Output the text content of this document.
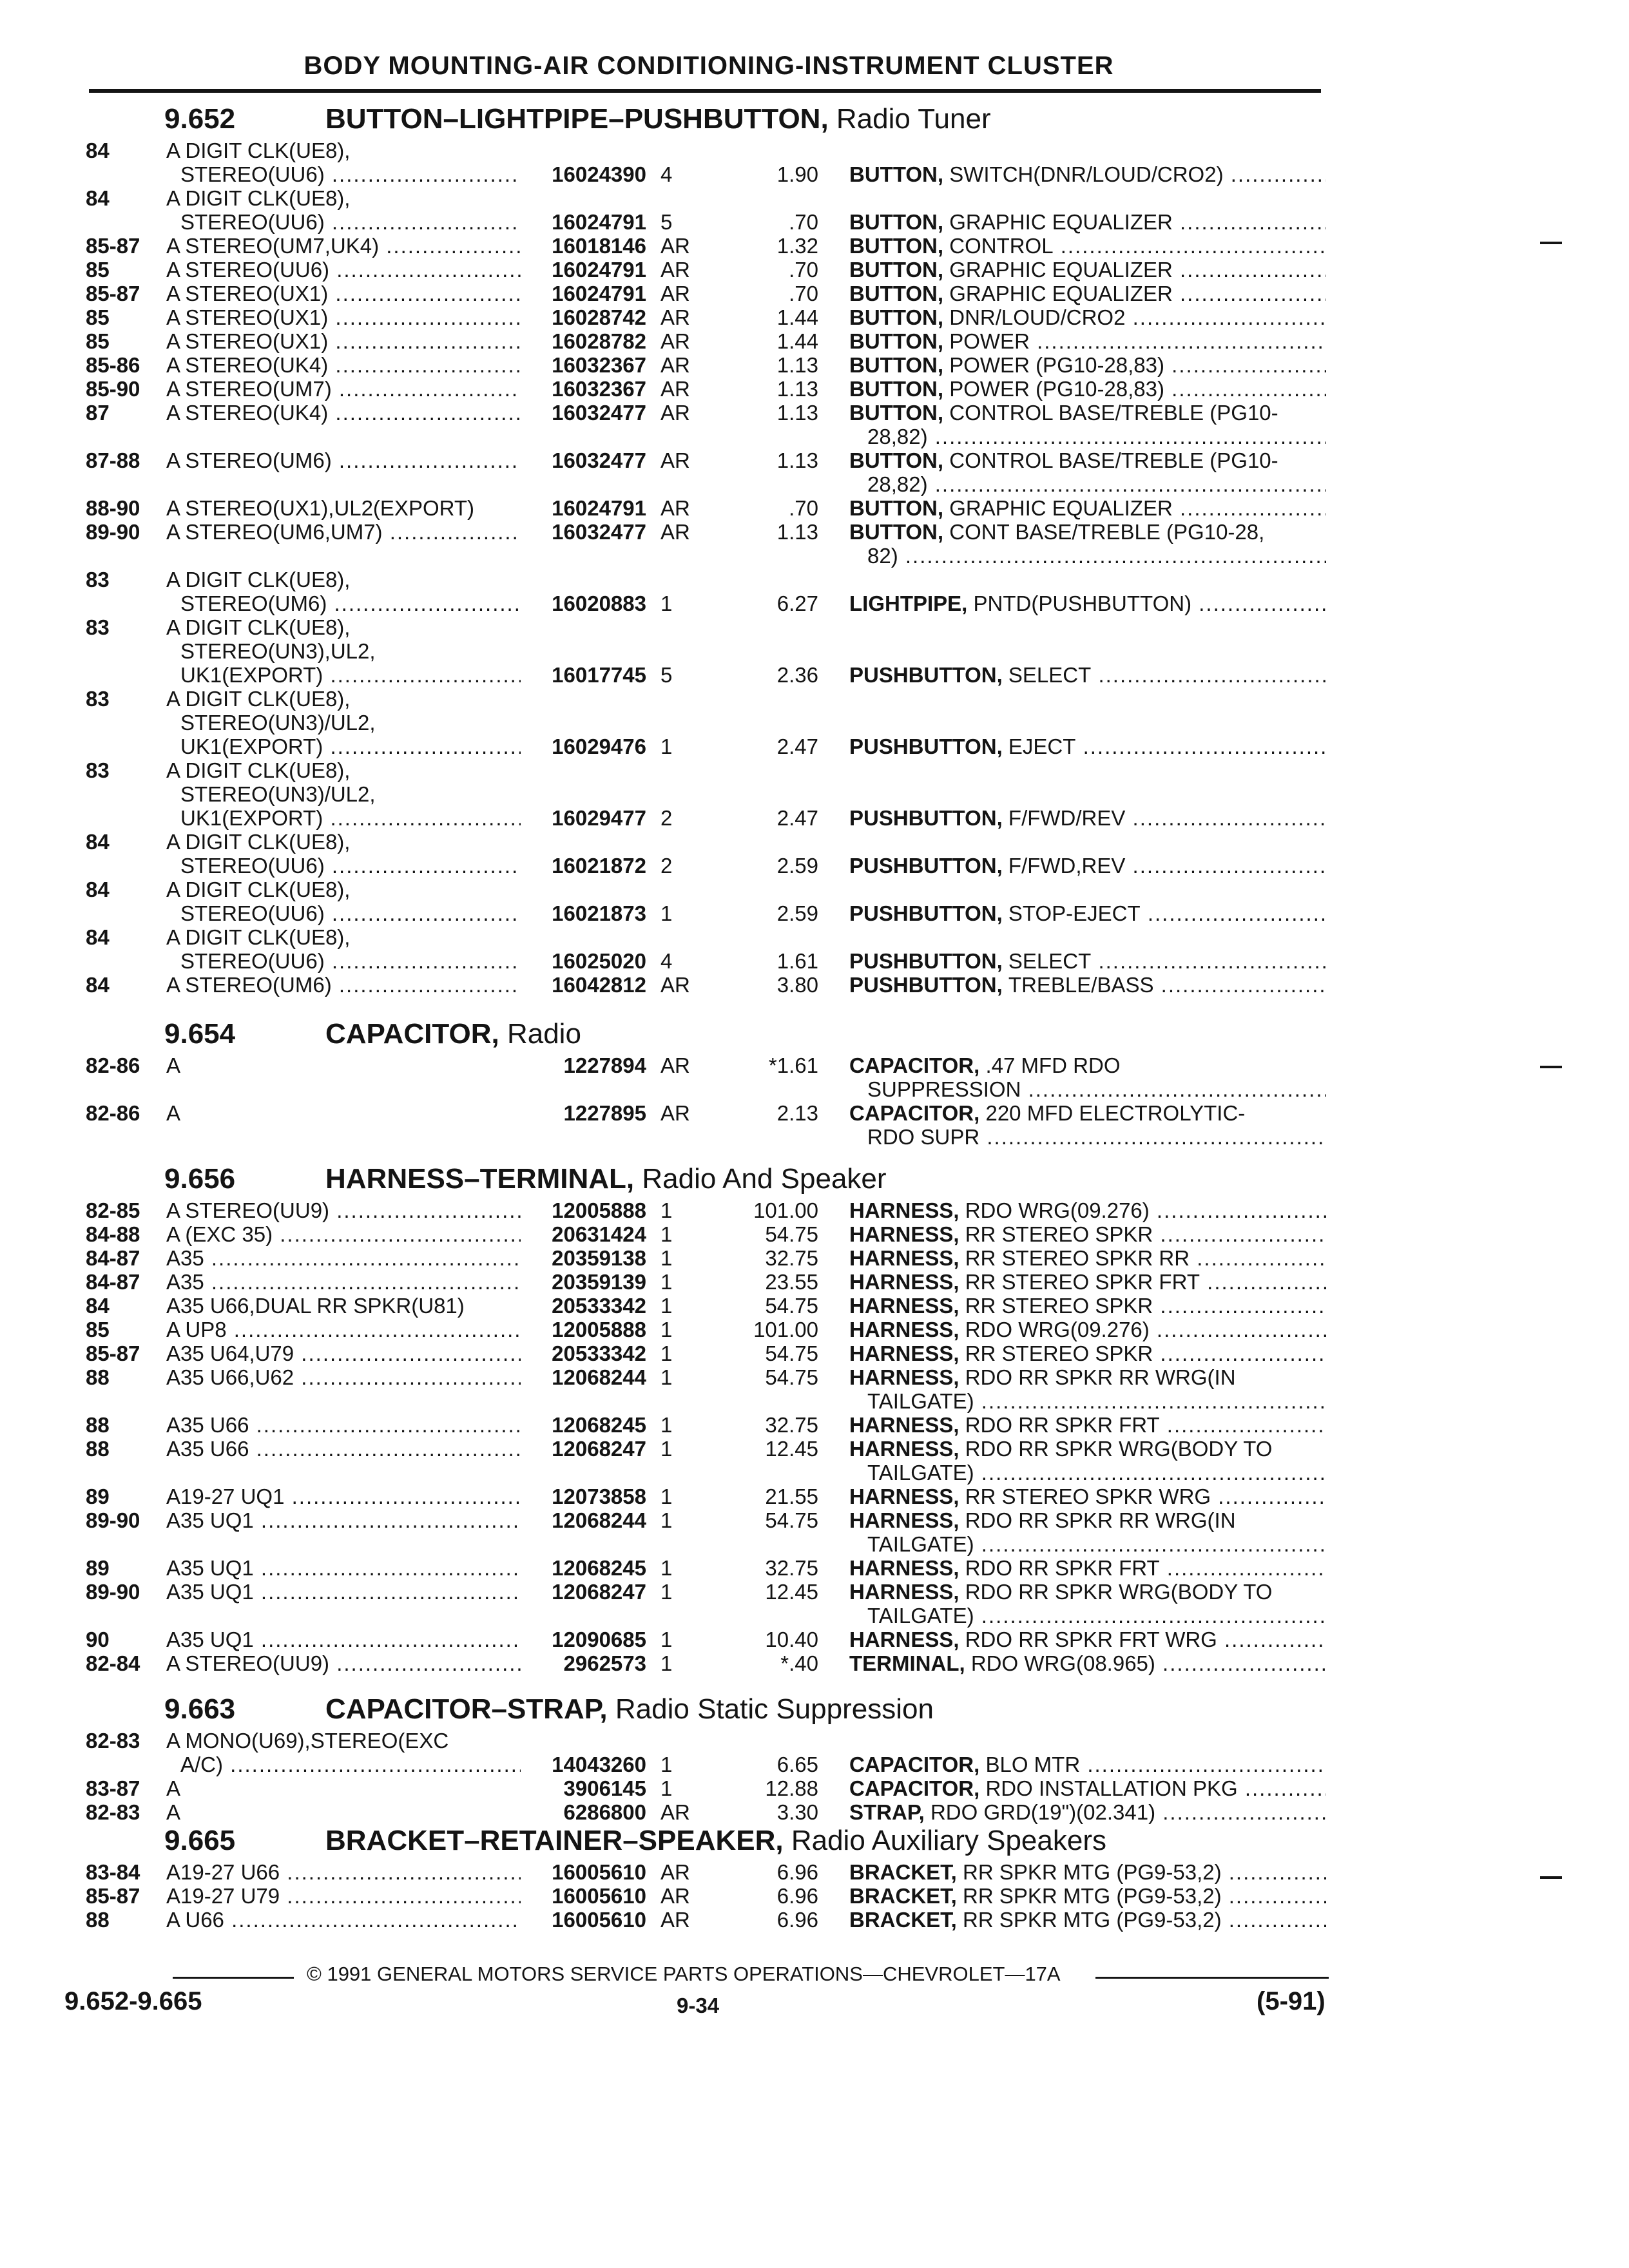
BODY MOUNTING-AIR CONDITIONING-INSTRUMENT CLUSTER
9.652	BUTTON–LIGHTPIPE–PUSHBUTTON, Radio Tuner
84	A DIGIT CLK(UE8),
STEREO(UU6) .....	16024390 4	1.90 BUTTON, SWITCH(DNR/LOUD/CRO2) .....
84	A DIGIT CLK(UE8),
STEREO(UU6) .....	16024791 5	.70 BUTTON, GRAPHIC EQUALIZER .....
85-87 A STEREO(UM7,UK4) .....	16018146 AR	1.32 BUTTON, CONTROL .....
85	A STEREO(UU6) .....	16024791 AR	.70 BUTTON, GRAPHIC EQUALIZER .....
85-87 A STEREO(UX1) .....	16024791 AR	.70 BUTTON, GRAPHIC EQUALIZER .....
85	A STEREO(UX1) .....	16028742 AR	1.44 BUTTON, DNR/LOUD/CRO2 .....
85	A STEREO(UX1) .....	16028782 AR	1.44 BUTTON, POWER .....
85-86 A STEREO(UK4) .....	16032367 AR	1.13 BUTTON, POWER (PG10-28,83) .....
85-90 A STEREO(UM7) .....	16032367 AR	1.13 BUTTON, POWER (PG10-28,83) .....
87	A STEREO(UK4) .....	16032477 AR	1.13 BUTTON, CONTROL BASE/TREBLE (PG10-
28,82) .....
87-88 A STEREO(UM6) .....	16032477 AR	1.13 BUTTON, CONTROL BASE/TREBLE (PG10-
28,82) .....
88-90 A STEREO(UX1),UL2(EXPORT)	16024791 AR	.70 BUTTON, GRAPHIC EQUALIZER .....
89-90 A STEREO(UM6,UM7) .....	16032477 AR	1.13 BUTTON, CONT BASE/TREBLE (PG10-28,
82) .....
83	A DIGIT CLK(UE8),
STEREO(UM6) .....	16020883 1	6.27 LIGHTPIPE, PNTD(PUSHBUTTON) .....
83	A DIGIT CLK(UE8),
STEREO(UN3),UL2,
UK1(EXPORT) .....	16017745 5	2.36 PUSHBUTTON, SELECT .....
83	A DIGIT CLK(UE8),
STEREO(UN3)/UL2,
UK1(EXPORT) .....	16029476 1	2.47 PUSHBUTTON, EJECT .....
83	A DIGIT CLK(UE8),
STEREO(UN3)/UL2,
UK1(EXPORT) .....	16029477 2	2.47 PUSHBUTTON, F/FWD/REV .....
84	A DIGIT CLK(UE8),
STEREO(UU6) .....	16021872 2	2.59 PUSHBUTTON, F/FWD,REV .....
84	A DIGIT CLK(UE8),
STEREO(UU6) .....	16021873 1	2.59 PUSHBUTTON, STOP-EJECT .....
84	A DIGIT CLK(UE8),
STEREO(UU6) .....	16025020 4	1.61 PUSHBUTTON, SELECT .....
84	A STEREO(UM6) .....	16042812 AR	3.80 PUSHBUTTON, TREBLE/BASS .....
9.654	CAPACITOR, Radio
82-86 A	1227894 AR	*1.61 CAPACITOR, .47 MFD RDO
SUPPRESSION .....
82-86 A	1227895 AR	2.13 CAPACITOR, 220 MFD ELECTROLYTIC-
RDO SUPR .....
9.656	HARNESS–TERMINAL, Radio And Speaker
82-85 A STEREO(UU9) .....	12005888 1	101.00 HARNESS, RDO WRG(09.276) .....
84-88 A (EXC 35) .....	20631424 1	54.75 HARNESS, RR STEREO SPKR .....
84-87 A35 .....	20359138 1	32.75 HARNESS, RR STEREO SPKR RR .....
84-87 A35 .....	20359139 1	23.55 HARNESS, RR STEREO SPKR FRT .....
84	A35 U66,DUAL RR SPKR(U81)	20533342 1	54.75 HARNESS, RR STEREO SPKR .....
85	A UP8 .....	12005888 1	101.00 HARNESS, RDO WRG(09.276) .....
85-87 A35 U64,U79 .....	20533342 1	54.75 HARNESS, RR STEREO SPKR .....
88	A35 U66,U62 .....	12068244 1	54.75 HARNESS, RDO RR SPKR RR WRG(IN
TAILGATE) .....
88	A35 U66 .....	12068245 1	32.75 HARNESS, RDO RR SPKR FRT .....
88	A35 U66 .....	12068247 1	12.45 HARNESS, RDO RR SPKR WRG(BODY TO
TAILGATE) .....
89	A19-27 UQ1 .....	12073858 1	21.55 HARNESS, RR STEREO SPKR WRG .....
89-90 A35 UQ1 .....	12068244 1	54.75 HARNESS, RDO RR SPKR RR WRG(IN
TAILGATE) .....
89	A35 UQ1 .....	12068245 1	32.75 HARNESS, RDO RR SPKR FRT .....
89-90 A35 UQ1 .....	12068247 1	12.45 HARNESS, RDO RR SPKR WRG(BODY TO
TAILGATE) .....
90	A35 UQ1 .....	12090685 1	10.40 HARNESS, RDO RR SPKR FRT WRG .....
82-84 A STEREO(UU9) .....	2962573 1	*.40 TERMINAL, RDO WRG(08.965) .....
9.663	CAPACITOR–STRAP, Radio Static Suppression
82-83 A MONO(U69),STEREO(EXC
A/C) .....	14043260 1	6.65 CAPACITOR, BLO MTR .....
83-87 A	3906145 1	12.88 CAPACITOR, RDO INSTALLATION PKG .....
82-83 A	6286800 AR	3.30 STRAP, RDO GRD(19")(02.341) .....
9.665	BRACKET–RETAINER–SPEAKER, Radio Auxiliary Speakers
83-84 A19-27 U66 .....	16005610 AR	6.96 BRACKET, RR SPKR MTG (PG9-53,2) .....
85-87 A19-27 U79 .....	16005610 AR	6.96 BRACKET, RR SPKR MTG (PG9-53,2) .....
88	A U66 .....	16005610 AR	6.96 BRACKET, RR SPKR MTG (PG9-53,2) .....
© 1991 GENERAL MOTORS SERVICE PARTS OPERATIONS—CHEVROLET—17A
9.652-9.665	9-34	(5-91)
